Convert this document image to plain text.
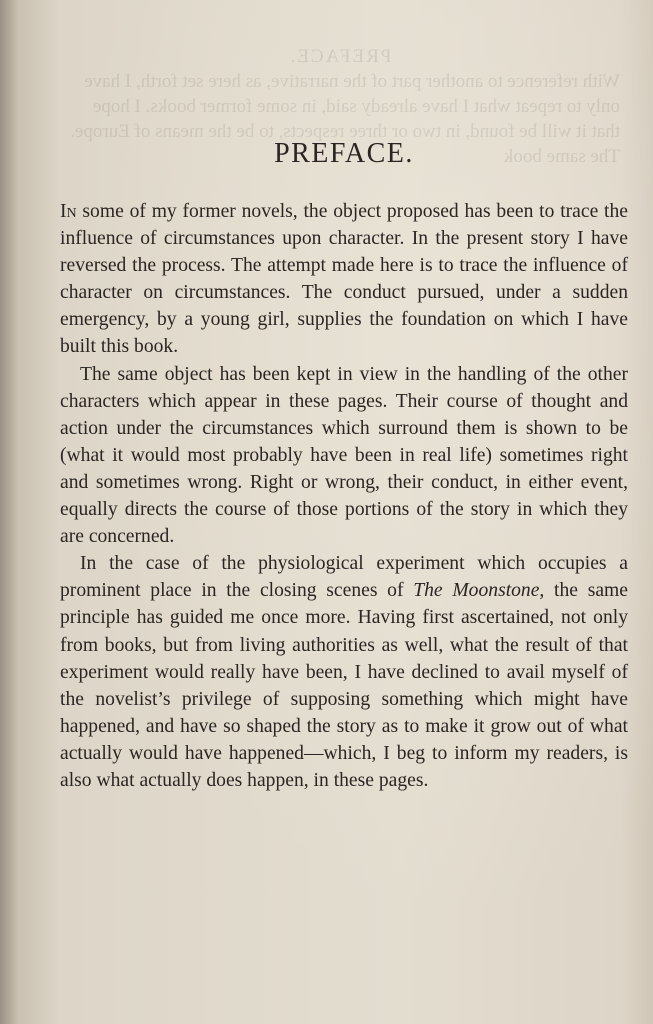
PREFACE.
With reference to another part of the narrative, as here set forth, I have only to repeat what I have already said, in some former books. I hope that it will be found, in two or three respects, to be the means of Europe. The same book
PREFACE.

In some of my former novels, the object proposed has been to trace the influence of circumstances upon character. In the present story I have reversed the process. The attempt made here is to trace the influence of character on circumstances. The conduct pursued, under a sudden emergency, by a young girl, supplies the foundation on which I have built this book.

The same object has been kept in view in the handling of the other characters which appear in these pages. Their course of thought and action under the circumstances which surround them is shown to be (what it would most probably have been in real life) sometimes right and sometimes wrong. Right or wrong, their conduct, in either event, equally directs the course of those portions of the story in which they are concerned.

In the case of the physiological experiment which occupies a prominent place in the closing scenes of The Moonstone, the same principle has guided me once more. Having first ascertained, not only from books, but from living authorities as well, what the result of that experiment would really have been, I have declined to avail myself of the novelist’s privilege of supposing something which might have happened, and have so shaped the story as to make it grow out of what actually would have happened—which, I beg to inform my readers, is also what actually does happen, in these pages.
